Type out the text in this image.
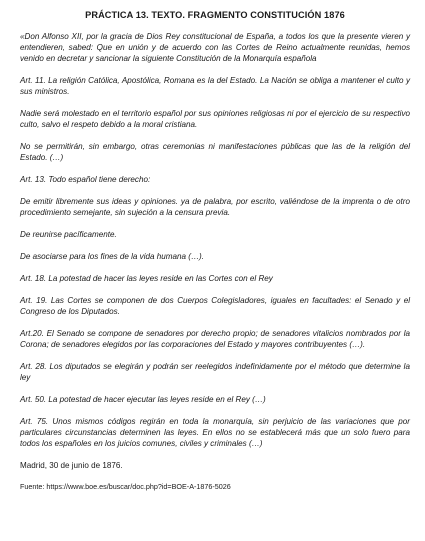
PRÁCTICA 13. TEXTO. FRAGMENTO CONSTITUCIÓN 1876

«Don Alfonso XII, por la gracia de Dios Rey constitucional de España, a todos los que la presente vieren y entendieren, sabed: Que en unión y de acuerdo con las Cortes de Reino actualmente reunidas, hemos venido en decretar y sancionar la siguiente Constitución de la Monarquía española

Art. 11. La religión Católica, Apostólica, Romana es la del Estado. La Nación se obliga a mantener el culto y sus ministros.

Nadie será molestado en el territorio español por sus opiniones religiosas ni por el ejercicio de su respectivo culto, salvo el respeto debido a la moral cristiana.

No se permitirán, sin embargo, otras ceremonias ni manifestaciones públicas que las de la religión del Estado. (…)

Art. 13. Todo español tiene derecho:

De emitir libremente sus ideas y opiniones. ya de palabra, por escrito, valiéndose de la imprenta o de otro procedimiento semejante, sin sujeción a la censura previa.

De reunirse pacíficamente.

De asociarse para los fines de la vida humana (…).

Art. 18. La potestad de hacer las leyes reside en las Cortes con el Rey

Art. 19. Las Cortes se componen de dos Cuerpos Colegisladores, iguales en facultades: el Senado y el Congreso de los Diputados.

Art.20. El Senado se compone de senadores por derecho propio; de senadores vitalicios nombrados por la Corona; de senadores elegidos por las corporaciones del Estado y mayores contribuyentes (…).

Art. 28. Los diputados se elegirán y podrán ser reelegidos indefinidamente por el método que determine la ley

Art. 50. La potestad de hacer ejecutar las leyes reside en el Rey (…)

Art. 75. Unos mismos códigos regirán en toda la monarquía, sin perjuicio de las variaciones que por particulares circunstancias determinen las leyes. En ellos no se establecerá más que un solo fuero para todos los españoles en los juicios comunes, civiles y criminales (…)

Madrid, 30 de junio de 1876.

Fuente: https://www.boe.es/buscar/doc.php?id=BOE-A-1876-5026
